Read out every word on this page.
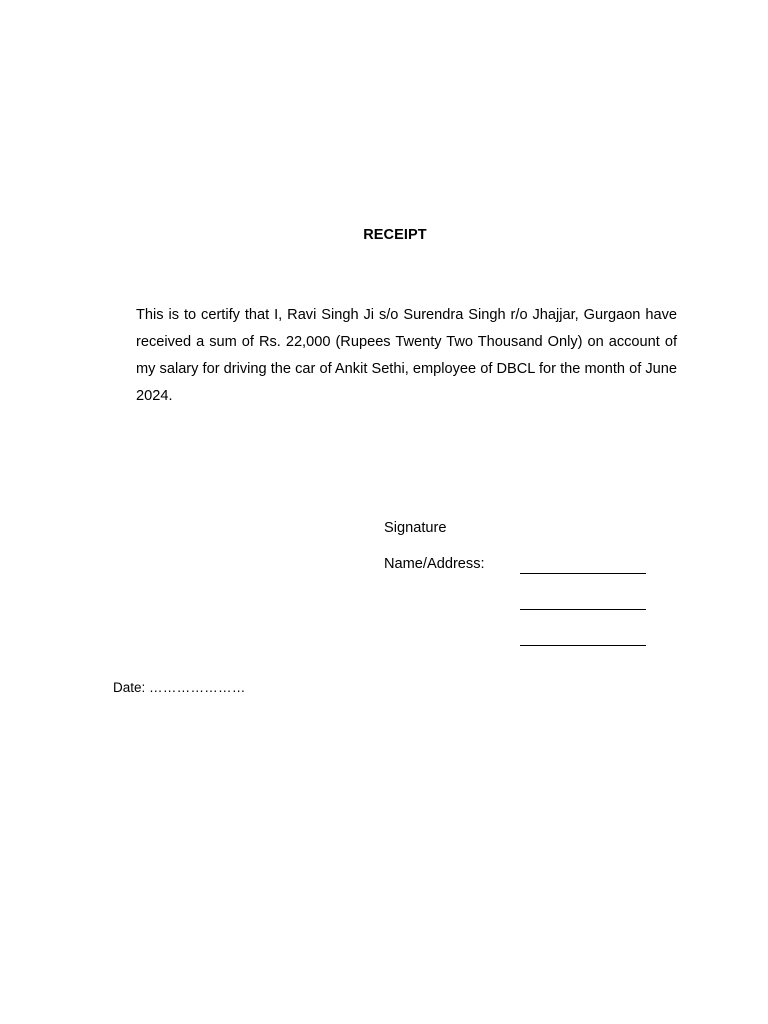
RECEIPT
This is to certify that I, Ravi Singh Ji s/o Surendra Singh r/o Jhajjar, Gurgaon have received a sum of Rs. 22,000 (Rupees Twenty Two Thousand Only) on account of my salary for driving the car of Ankit Sethi, employee of DBCL for the month of June 2024.
Signature
Name/Address:
Date: …………………
